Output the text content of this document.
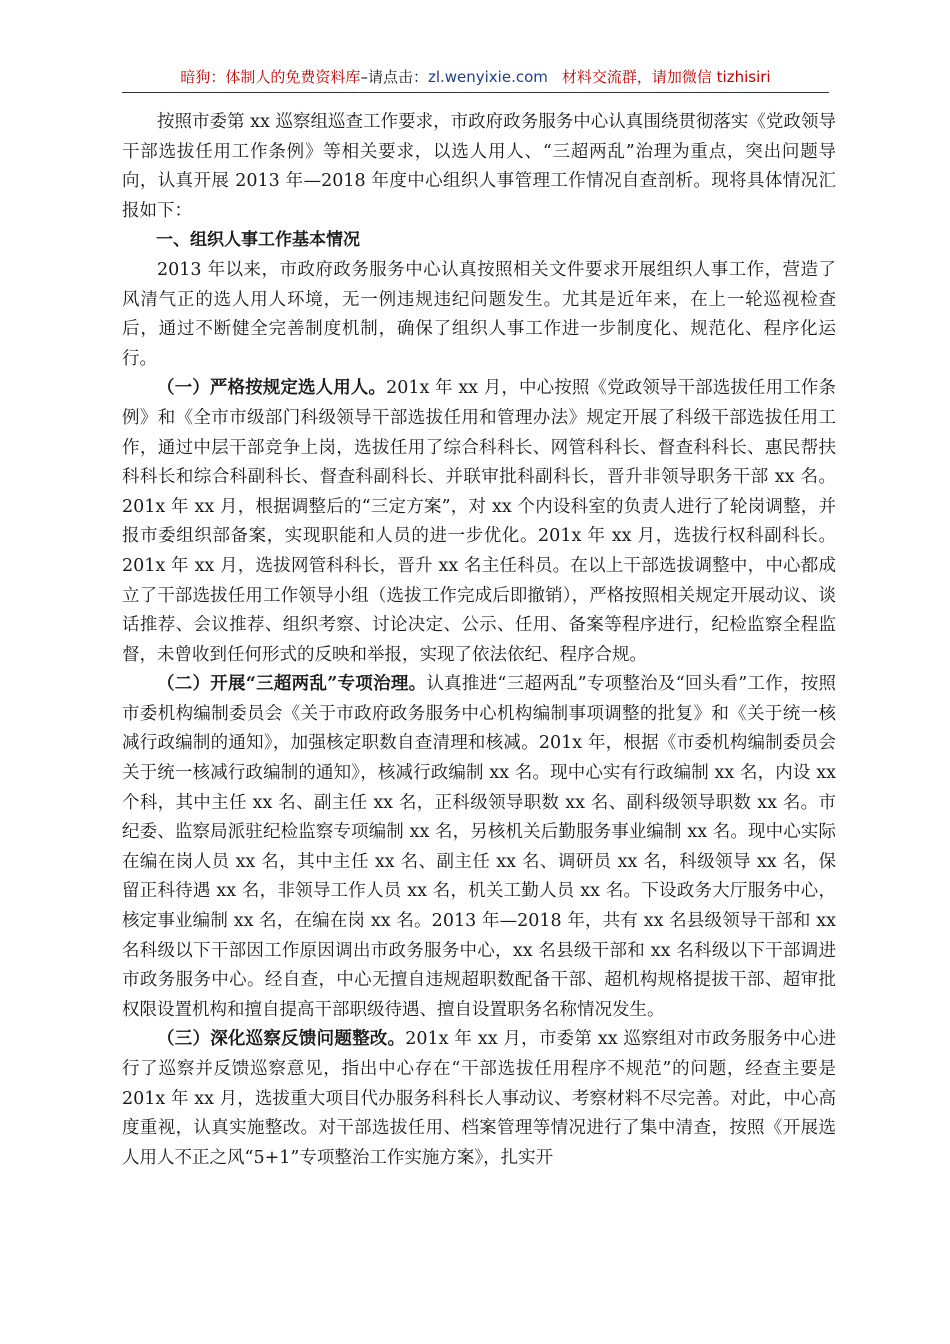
暗狗：体制人的免费资料库–请点击：zl.wenyixie.com 材料交流群，请加微信 tizhisiri

按照市委第 xx 巡察组巡查工作要求，市政府政务服务中心认真围绕贯彻落实《党政领导干部选拔任用工作条例》等相关要求，以选人用人、“三超两乱”治理为重点，突出问题导向，认真开展 2013 年—2018 年度中心组织人事管理工作情况自查剖析。现将具体情况汇报如下：

一、组织人事工作基本情况

2013 年以来，市政府政务服务中心认真按照相关文件要求开展组织人事工作，营造了风清气正的选人用人环境，无一例违规违纪问题发生。尤其是近年来，在上一轮巡视检查后，通过不断健全完善制度机制，确保了组织人事工作进一步制度化、规范化、程序化运行。

（一）严格按规定选人用人。201x 年 xx 月，中心按照《党政领导干部选拔任用工作条例》和《全市市级部门科级领导干部选拔任用和管理办法》规定开展了科级干部选拔任用工作，通过中层干部竞争上岗，选拔任用了综合科科长、网管科科长、督查科科长、惠民帮扶科科长和综合科副科长、督查科副科长、并联审批科副科长，晋升非领导职务干部 xx 名。201x 年 xx 月，根据调整后的“三定方案”，对 xx 个内设科室的负责人进行了轮岗调整，并报市委组织部备案，实现职能和人员的进一步优化。201x 年 xx 月，选拔行权科副科长。201x 年 xx 月，选拔网管科科长，晋升 xx 名主任科员。在以上干部选拔调整中，中心都成立了干部选拔任用工作领导小组（选拔工作完成后即撤销），严格按照相关规定开展动议、谈话推荐、会议推荐、组织考察、讨论决定、公示、任用、备案等程序进行，纪检监察全程监督，未曾收到任何形式的反映和举报，实现了依法依纪、程序合规。

（二）开展“三超两乱”专项治理。认真推进“三超两乱”专项整治及“回头看”工作，按照市委机构编制委员会《关于市政府政务服务中心机构编制事项调整的批复》和《关于统一核减行政编制的通知》，加强核定职数自查清理和核减。201x 年，根据《市委机构编制委员会关于统一核减行政编制的通知》，核减行政编制 xx 名。现中心实有行政编制 xx 名，内设 xx 个科，其中主任 xx 名、副主任 xx 名，正科级领导职数 xx 名、副科级领导职数 xx 名。市纪委、监察局派驻纪检监察专项编制 xx 名，另核机关后勤服务事业编制 xx 名。现中心实际在编在岗人员 xx 名，其中主任 xx 名、副主任 xx 名、调研员 xx 名，科级领导 xx 名，保留正科待遇 xx 名，非领导工作人员 xx 名，机关工勤人员 xx 名。下设政务大厅服务中心，核定事业编制 xx 名，在编在岗 xx 名。2013 年—2018 年，共有 xx 名县级领导干部和 xx 名科级以下干部因工作原因调出市政务服务中心，xx 名县级干部和 xx 名科级以下干部调进市政务服务中心。经自查，中心无擅自违规超职数配备干部、超机构规格提拔干部、超审批权限设置机构和擅自提高干部职级待遇、擅自设置职务名称情况发生。

（三）深化巡察反馈问题整改。201x 年 xx 月，市委第 xx 巡察组对市政务服务中心进行了巡察并反馈巡察意见，指出中心存在“干部选拔任用程序不规范”的问题，经查主要是 201x 年 xx 月，选拔重大项目代办服务科科长人事动议、考察材料不尽完善。对此，中心高度重视，认真实施整改。对干部选拔任用、档案管理等情况进行了集中清查，按照《开展选人用人不正之风“5+1”专项整治工作实施方案》，扎实开
